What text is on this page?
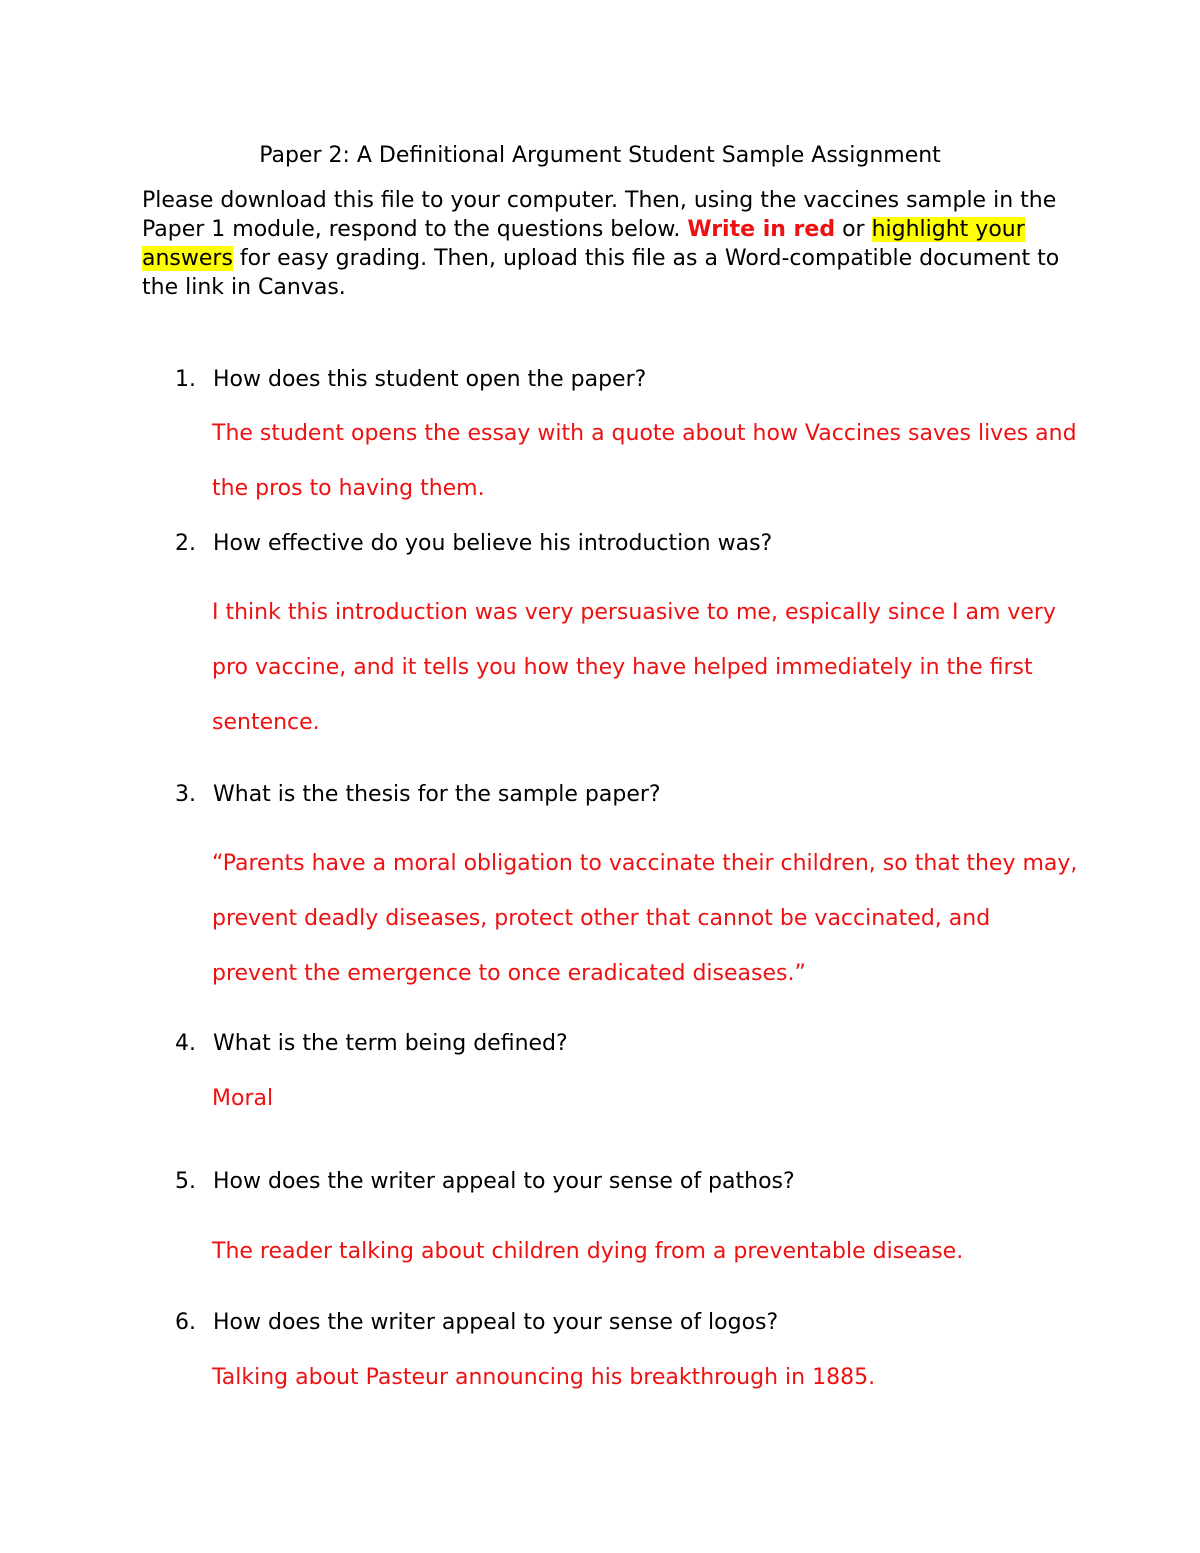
Paper 2: A Definitional Argument Student Sample Assignment

Please download this file to your computer. Then, using the vaccines sample in the Paper 1 module, respond to the questions below. Write in red or highlight your answers for easy grading. Then, upload this file as a Word-compatible document to the link in Canvas.

1. How does this student open the paper?

The student opens the essay with a quote about how Vaccines saves lives and the pros to having them.

2. How effective do you believe his introduction was?

I think this introduction was very persuasive to me, espically since I am very pro vaccine, and it tells you how they have helped immediately in the first sentence.

3. What is the thesis for the sample paper?

“Parents have a moral obligation to vaccinate their children, so that they may, prevent deadly diseases, protect other that cannot be vaccinated, and prevent the emergence to once eradicated diseases.”

4. What is the term being defined?

Moral

5. How does the writer appeal to your sense of pathos?

The reader talking about children dying from a preventable disease.

6. How does the writer appeal to your sense of logos?

Talking about Pasteur announcing his breakthrough in 1885.
